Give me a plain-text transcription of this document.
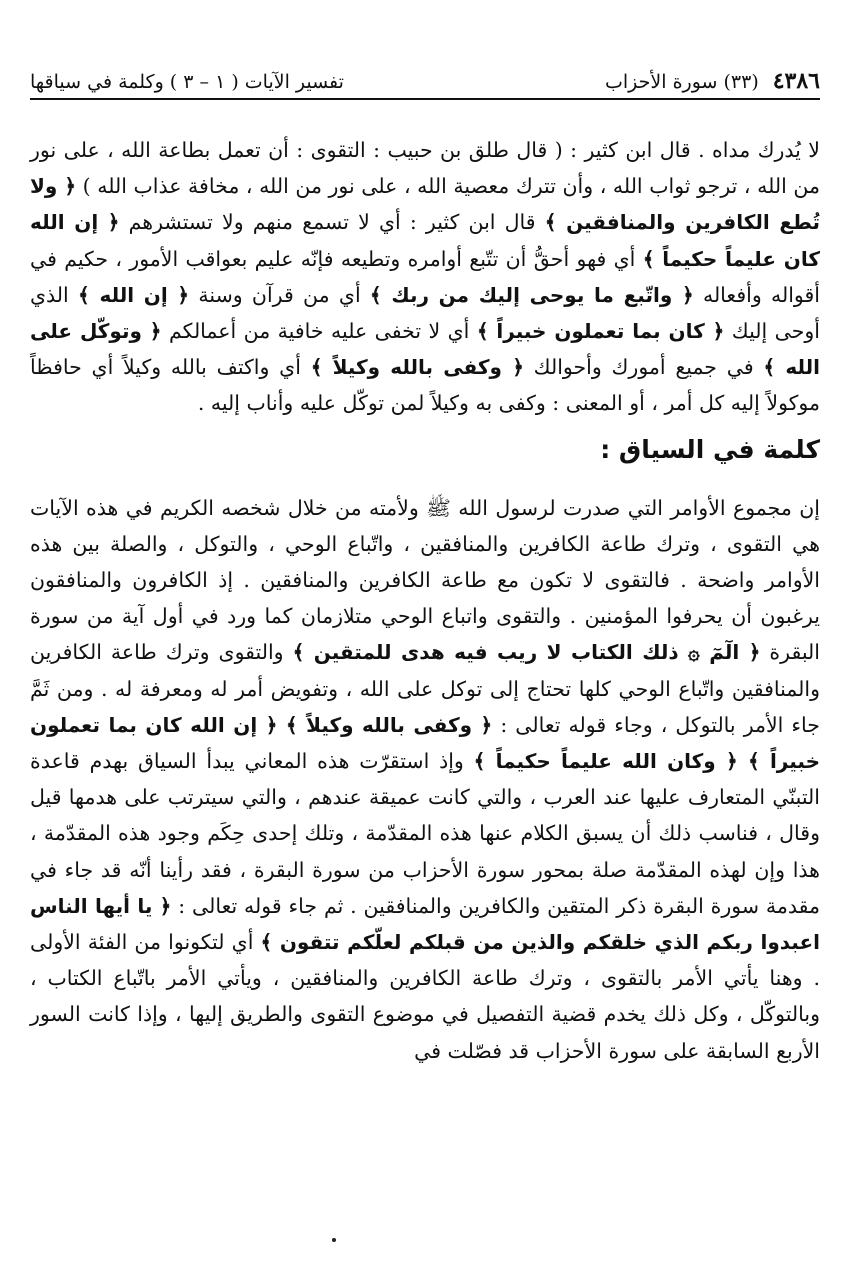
٤٣٨٦
(٣٣) سورة الأحزاب
تفسير الآيات ( ١ – ٣ ) وكلمة في سياقها

لا يُدرك مداه . قال ابن كثير : ( قال طلق بن حبيب : التقوى : أن تعمل بطاعة الله ، على نور من الله ، ترجو ثواب الله ، وأن تترك معصية الله ، على نور من الله ، مخافة عذاب الله ) ﴿ ولا تُطع الكافرين والمنافقين ﴾ قال ابن كثير : أي لا تسمع منهم ولا تستشرهم ﴿ إن الله كان عليماً حكيماً ﴾ أي فهو أحقُّ أن تتّبع أوامره وتطيعه فإنّه عليم بعواقب الأمور ، حكيم في أقواله وأفعاله ﴿ واتّبع ما يوحى إليك من ربك ﴾ أي من قرآن وسنة ﴿ إن الله ﴾ الذي أوحى إليك ﴿ كان بما تعملون خبيراً ﴾ أي لا تخفى عليه خافية من أعمالكم ﴿ وتوكّل على الله ﴾ في جميع أمورك وأحوالك ﴿ وكفى بالله وكيلاً ﴾ أي واكتف بالله وكيلاً أي حافظاً موكولاً إليه كل أمر ، أو المعنى : وكفى به وكيلاً لمن توكّل عليه وأناب إليه .

كلمة في السياق :

إن مجموع الأوامر التي صدرت لرسول الله ﷺ ولأمته من خلال شخصه الكريم في هذه الآيات هي التقوى ، وترك طاعة الكافرين والمنافقين ، واتّباع الوحي ، والتوكل ، والصلة بين هذه الأوامر واضحة . فالتقوى لا تكون مع طاعة الكافرين والمنافقين . إذ الكافرون والمنافقون يرغبون أن يحرفوا المؤمنين . والتقوى واتباع الوحي متلازمان كما ورد في أول آية من سورة البقرة ﴿ الٓمٓ ۞ ذلك الكتاب لا ريب فيه هدى للمتقين ﴾ والتقوى وترك طاعة الكافرين والمنافقين واتّباع الوحي كلها تحتاج إلى توكل على الله ، وتفويض أمر له ومعرفة له . ومن ثَمَّ جاء الأمر بالتوكل ، وجاء قوله تعالى : ﴿ وكفى بالله وكيلاً ﴾ ﴿ إن الله كان بما تعملون خبيراً ﴾ ﴿ وكان الله عليماً حكيماً ﴾ وإذ استقرّت هذه المعاني يبدأ السياق بهدم قاعدة التبنّي المتعارف عليها عند العرب ، والتي كانت عميقة عندهم ، والتي سيترتب على هدمها قيل وقال ، فناسب ذلك أن يسبق الكلام عنها هذه المقدّمة ، وتلك إحدى حِكَم وجود هذه المقدّمة ، هذا وإن لهذه المقدّمة صلة بمحور سورة الأحزاب من سورة البقرة ، فقد رأينا أنّه قد جاء في مقدمة سورة البقرة ذكر المتقين والكافرين والمنافقين . ثم جاء قوله تعالى : ﴿ يا أيها الناس اعبدوا ربكم الذي خلقكم والذين من قبلكم لعلّكم تتقون ﴾ أي لتكونوا من الفئة الأولى . وهنا يأتي الأمر بالتقوى ، وترك طاعة الكافرين والمنافقين ، ويأتي الأمر باتّباع الكتاب ، وبالتوكّل ، وكل ذلك يخدم قضية التفصيل في موضوع التقوى والطريق إليها ، وإذا كانت السور الأربع السابقة على سورة الأحزاب قد فصّلت في
